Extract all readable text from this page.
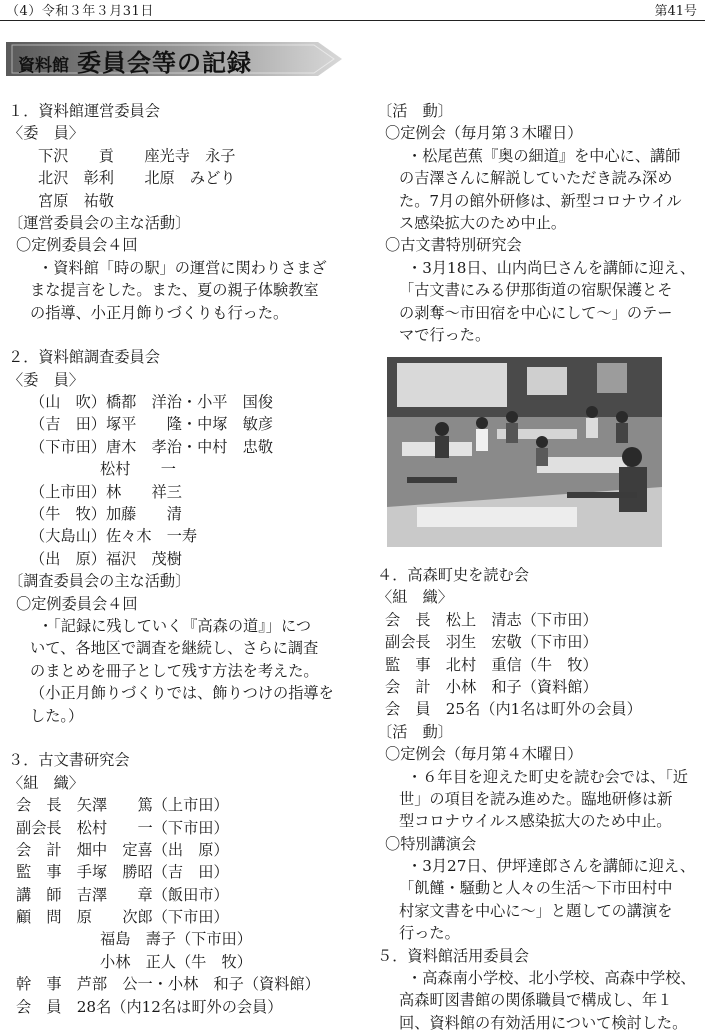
（4）令和３年３月31日	第41号
資料館 委員会等の記録
１．資料館運営委員会
〈委　員〉
下沢　　貢　　座光寺　永子
北沢　彰利　　北原　みどり
宮原　祐敬
〔運営委員会の主な活動〕
〇定例委員会４回
・資料館「時の駅」の運営に関わりさまざ
まな提言をした。また、夏の親子体験教室
の指導、小正月飾りづくりも行った。
２．資料館調査委員会
〈委　員〉
（山　吹）橋都　洋治・小平　国俊
（吉　田）塚平　　隆・中塚　敏彦
（下市田）唐木　孝治・中村　忠敬
松村　　一
（上市田）林　　祥三
（牛　牧）加藤　　清
（大島山）佐々木　一寿
（出　原）福沢　茂樹
〔調査委員会の主な活動〕
〇定例委員会４回
・「記録に残していく『高森の道』」につ
いて、各地区で調査を継続し、さらに調査
のまとめを冊子として残す方法を考えた。
（小正月飾りづくりでは、飾りつけの指導を
した。）
３．古文書研究会
〈組　織〉
会　長　矢澤　　篤（上市田）
副会長　松村　　一（下市田）
会　計　畑中　定喜（出　原）
監　事　手塚　勝昭（吉　田）
講　師　吉澤　　章（飯田市）
顧　問　原　　次郎（下市田）
福島　壽子（下市田）
小林　正人（牛　牧）
幹　事　芦部　公一・小林　和子（資料館）
会　員　28名（内12名は町外の会員）
〔活　動〕
〇定例会（毎月第３木曜日）
・松尾芭蕉『奥の細道』を中心に、講師
の吉澤さんに解説していただき読み深め
た。7月の館外研修は、新型コロナウイル
ス感染拡大のため中止。
〇古文書特別研究会
・3月18日、山内尚巳さんを講師に迎え、
「古文書にみる伊那街道の宿駅保護とそ
の剥奪～市田宿を中心にして～」のテー
マで行った。
４．高森町史を読む会
〈組　織〉
会　長　松上　清志（下市田）
副会長　羽生　宏敬（下市田）
監　事　北村　重信（牛　牧）
会　計　小林　和子（資料館）
会　員　25名（内1名は町外の会員）
〔活　動〕
〇定例会（毎月第４木曜日）
・６年目を迎えた町史を読む会では、「近
世」の項目を読み進めた。臨地研修は新
型コロナウイルス感染拡大のため中止。
〇特別講演会
・3月27日、伊坪達郎さんを講師に迎え、
「飢饉・騒動と人々の生活～下市田村中
村家文書を中心に～」と題しての講演を
行った。
５．資料館活用委員会
・高森南小学校、北小学校、高森中学校、
高森町図書館の関係職員で構成し、年１
回、資料館の有効活用について検討した。
